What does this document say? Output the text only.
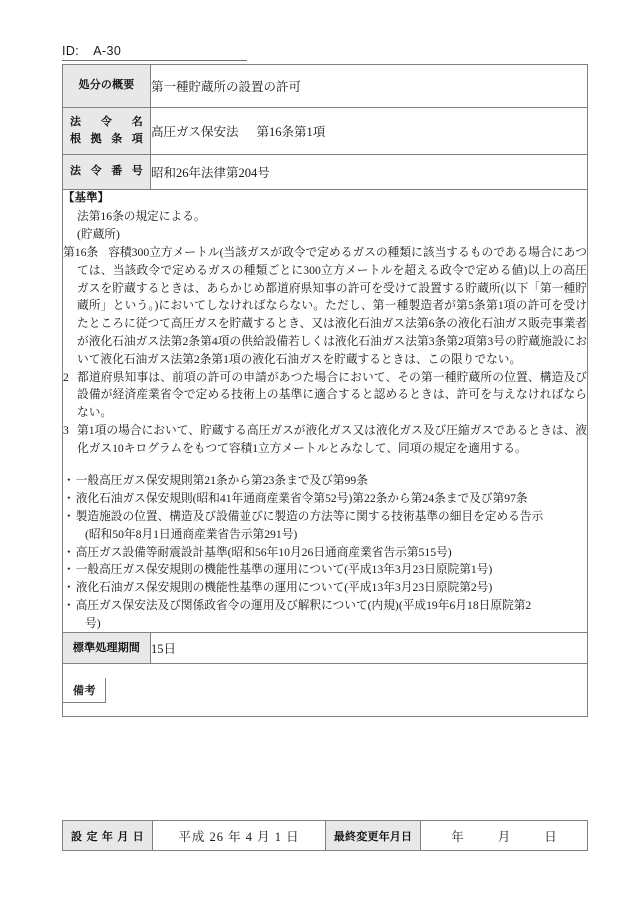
ID: A-30
処分の概要	第一種貯蔵所の設置の許可

法令名
根拠条項	高圧ガス保安法 第16条第1項

法令番号	昭和26年法律第204号

【基準】

法第16条の規定による。

(貯蔵所)

第16条 容積300立方メートル(当該ガスが政令で定めるガスの種類に該当するものである場合にあつては、当該政令で定めるガスの種類ごとに300立方メートルを超える政令で定める値)以上の高圧ガスを貯蔵するときは、あらかじめ都道府県知事の許可を受けて設置する貯蔵所(以下「第一種貯蔵所」という。)においてしなければならない。ただし、第一種製造者が第5条第1項の許可を受けたところに従つて高圧ガスを貯蔵するとき、又は液化石油ガス法第6条の液化石油ガス販売事業者が液化石油ガス法第2条第4項の供給設備若しくは液化石油ガス法第3条第2項第3号の貯蔵施設において液化石油ガス法第2条第1項の液化石油ガスを貯蔵するときは、この限りでない。

2 都道府県知事は、前項の許可の申請があつた場合において、その第一種貯蔵所の位置、構造及び設備が経済産業省令で定める技術上の基準に適合すると認めるときは、許可を与えなければならない。

3 第1項の場合において、貯蔵する高圧ガスが液化ガス又は液化ガス及び圧縮ガスであるときは、液化ガス10キログラムをもつて容積1立方メートルとみなして、同項の規定を適用する。

・一般高圧ガス保安規則第21条から第23条まで及び第99条
・液化石油ガス保安規則(昭和41年通商産業省令第52号)第22条から第24条まで及び第97条
・製造施設の位置、構造及び設備並びに製造の方法等に関する技術基準の細目を定める告示
(昭和50年8月1日通商産業省告示第291号)
・高圧ガス設備等耐震設計基準(昭和56年10月26日通商産業省告示第515号)
・一般高圧ガス保安規則の機能性基準の運用について(平成13年3月23日原院第1号)
・液化石油ガス保安規則の機能性基準の運用について(平成13年3月23日原院第2号)
・高圧ガス保安法及び関係政省令の運用及び解釈について(内規)(平成19年6月18日原院第2
号)

標準処理期間	15日
備考	
設定年月日	平成 26 年 4 月 1 日	最終変更年月日	年	月	日
